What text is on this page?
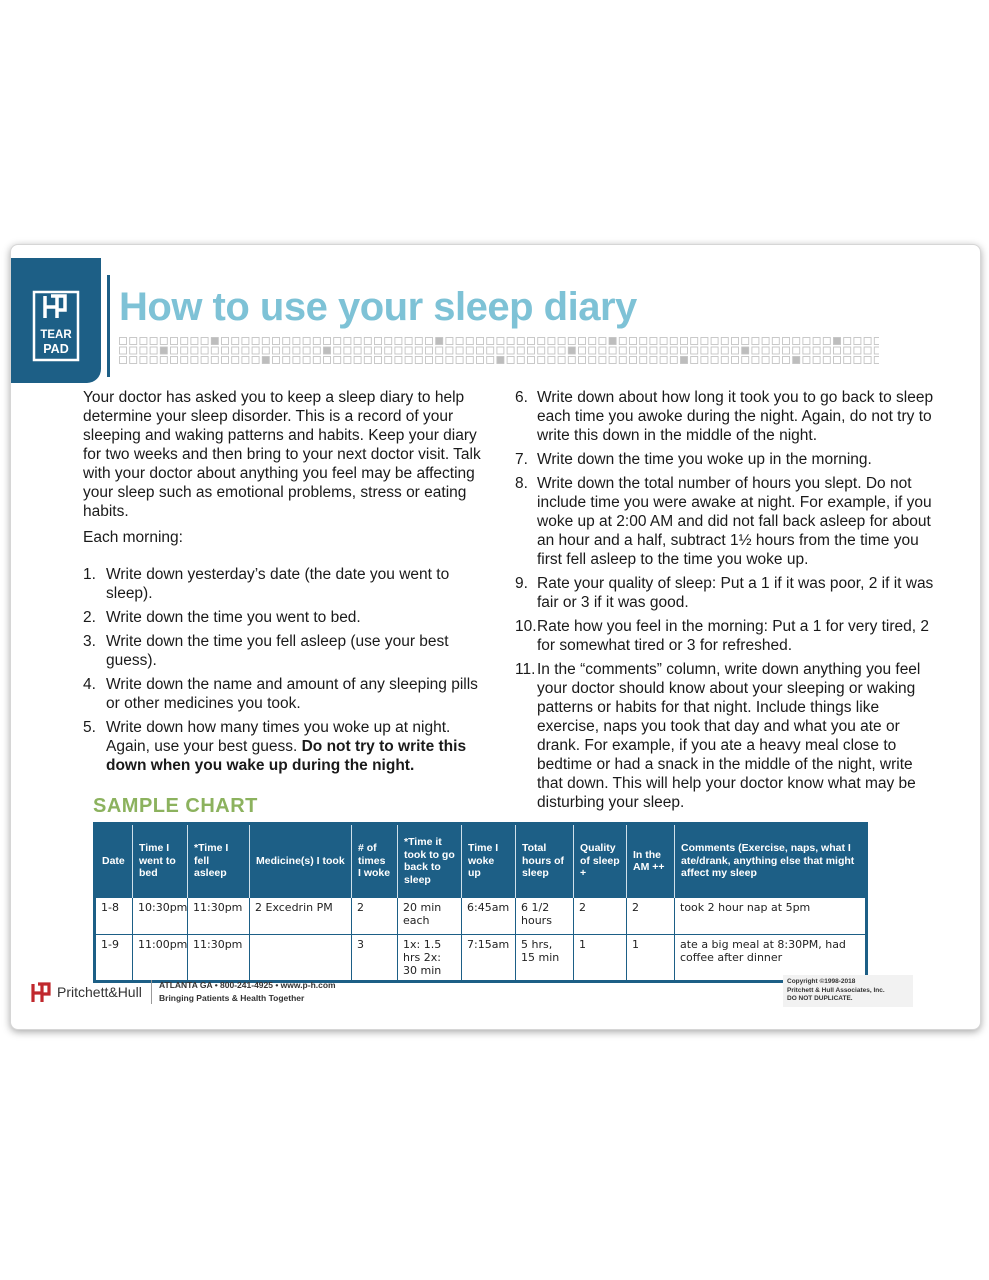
TEAR
PAD
How to use your sleep diary

Your doctor has asked you to keep a sleep diary to help determine your sleep disorder. This is a record of your sleeping and waking patterns and habits. Keep your diary for two weeks and then bring to your next doctor visit. Talk with your doctor about anything you feel may be affecting your sleep such as emotional problems, stress or eating habits.

Each morning:

1. Write down yesterday’s date (the date you went to sleep).
2. Write down the time you went to bed.
3. Write down the time you fell asleep (use your best guess).
4. Write down the name and amount of any sleeping pills or other medicines you took.
5. Write down how many times you woke up at night. Again, use your best guess. Do not try to write this down when you wake up during the night.
6. Write down about how long it took you to go back to sleep each time you awoke during the night. Again, do not try to write this down in the middle of the night.
7. Write down the time you woke up in the morning.
8. Write down the total number of hours you slept. Do not include time you were awake at night. For example, if you woke up at 2:00 AM and did not fall back asleep for about an hour and a half, subtract 1½ hours from the time you first fell asleep to the time you woke up.
9. Rate your quality of sleep: Put a 1 if it was poor, 2 if it was fair or 3 if it was good.
10. Rate how you feel in the morning: Put a 1 for very tired, 2 for somewhat tired or 3 for refreshed.
11. In the “comments” column, write down anything you feel your doctor should know about your sleeping or waking patterns or habits for that night. Include things like exercise, naps you took that day and what you ate or drank. For example, if you ate a heavy meal close to bedtime or had a snack in the middle of the night, write that down. This will help your doctor know what may be disturbing your sleep.
SAMPLE CHART
Date	Time I went to bed	*Time I fell asleep	Medicine(s) I took	# of times I woke	*Time it took to go back to sleep	Time I woke up	Total hours of sleep	Quality of sleep +	In the AM ++	Comments (Exercise, naps, what I ate/drank, anything else that might affect my sleep
1-8	10:30pm	11:30pm	2 Excedrin PM	2	20 min each	6:45am	6 1/2 hours	2	2	took 2 hour nap at 5pm
1-9	11:00pm	11:30pm		3	1x: 1.5 hrs 2x: 30 min	7:15am	5 hrs, 15 min	1	1	ate a big meal at 8:30PM, had coffee after dinner
Pritchett&Hull ATLANTA GA • 800-241-4925 • www.p-h.com
Bringing Patients & Health Together
Copyright ©1998-2018
Pritchett & Hull Associates, Inc.
DO NOT DUPLICATE.
